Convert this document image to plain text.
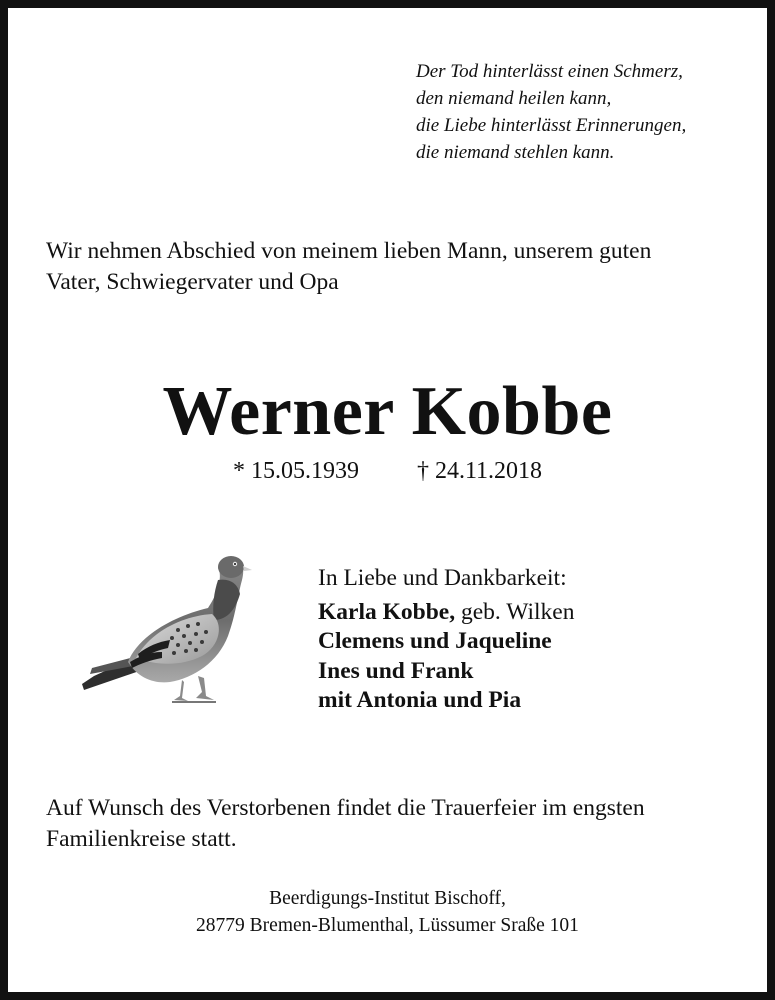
Der Tod hinterlässt einen Schmerz,
den niemand heilen kann,
die Liebe hinterlässt Erinnerungen,
die niemand stehlen kann.
Wir nehmen Abschied von meinem lieben Mann, unserem guten
Vater, Schwiegervater und Opa
Werner Kobbe
* 15.05.1939 † 24.11.2018
In Liebe und Dankbarkeit:
Karla Kobbe, geb. Wilken
Clemens und Jaqueline
Ines und Frank
mit Antonia und Pia
Auf Wunsch des Verstorbenen findet die Trauerfeier im engsten
Familienkreise statt.
Beerdigungs-Institut Bischoff,
28779 Bremen-Blumenthal, Lüssumer Sraße 101
